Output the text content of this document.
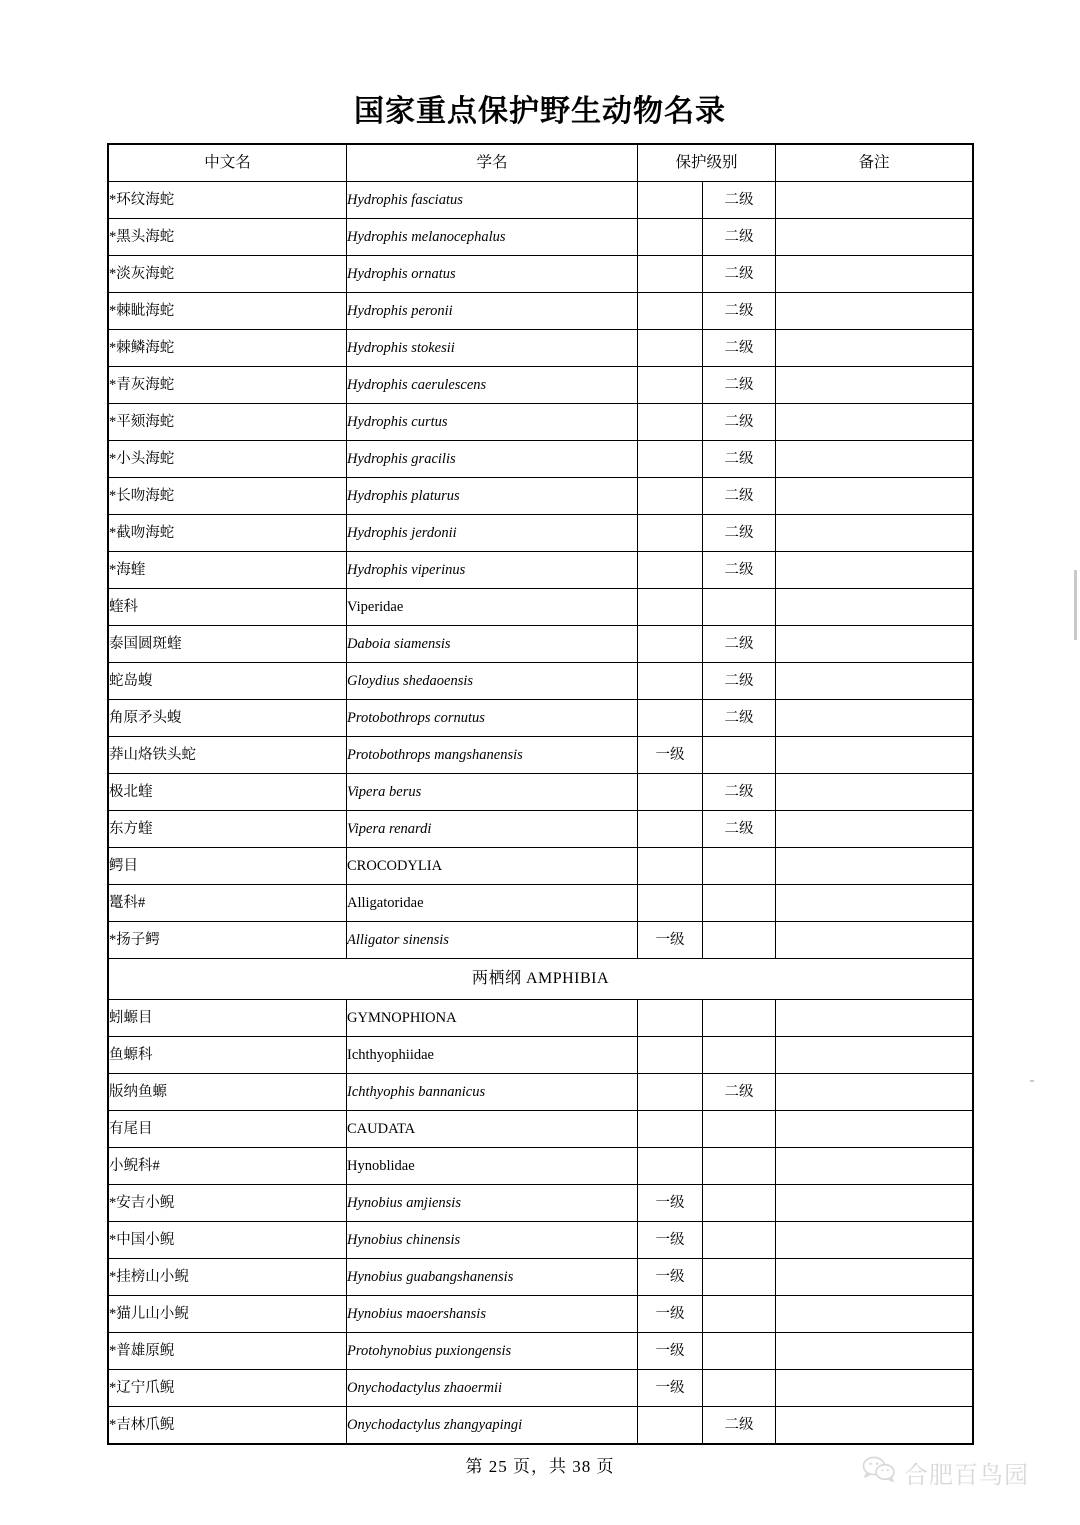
国家重点保护野生动物名录
中文名	学名	保护级别		备注
*环纹海蛇	Hydrophis fasciatus		二级	
*黑头海蛇	Hydrophis melanocephalus		二级	
*淡灰海蛇	Hydrophis ornatus		二级	
*棘眦海蛇	Hydrophis peronii		二级	
*棘鳞海蛇	Hydrophis stokesii		二级	
*青灰海蛇	Hydrophis caerulescens		二级	
*平颏海蛇	Hydrophis curtus		二级	
*小头海蛇	Hydrophis gracilis		二级	
*长吻海蛇	Hydrophis platurus		二级	
*截吻海蛇	Hydrophis jerdonii		二级	
*海蝰	Hydrophis viperinus		二级	
蝰科	Viperidae			
泰国圆斑蝰	Daboia siamensis		二级	
蛇岛蝮	Gloydius shedaoensis		二级	
角原矛头蝮	Protobothrops cornutus		二级	
莽山烙铁头蛇	Protobothrops mangshanensis	一级		
极北蝰	Vipera berus		二级	
东方蝰	Vipera renardi		二级	
鳄目	CROCODYLIA			
鼍科#	Alligatoridae			
*扬子鳄	Alligator sinensis	一级		
两栖纲 AMPHIBIA				
蚓螈目	GYMNOPHIONA			
鱼螈科	Ichthyophiidae			
版纳鱼螈	Ichthyophis bannanicus		二级	
有尾目	CAUDATA			
小鲵科#	Hynoblidae			
*安吉小鲵	Hynobius amjiensis	一级		
*中国小鲵	Hynobius chinensis	一级		
*挂榜山小鲵	Hynobius guabangshanensis	一级		
*猫儿山小鲵	Hynobius maoershansis	一级		
*普雄原鲵	Protohynobius puxiongensis	一级		
*辽宁爪鲵	Onychodactylus zhaoermii	一级		
*吉林爪鲵	Onychodactylus zhangyapingi		二级	
第 25 页，共 38 页	合肥百鸟园
